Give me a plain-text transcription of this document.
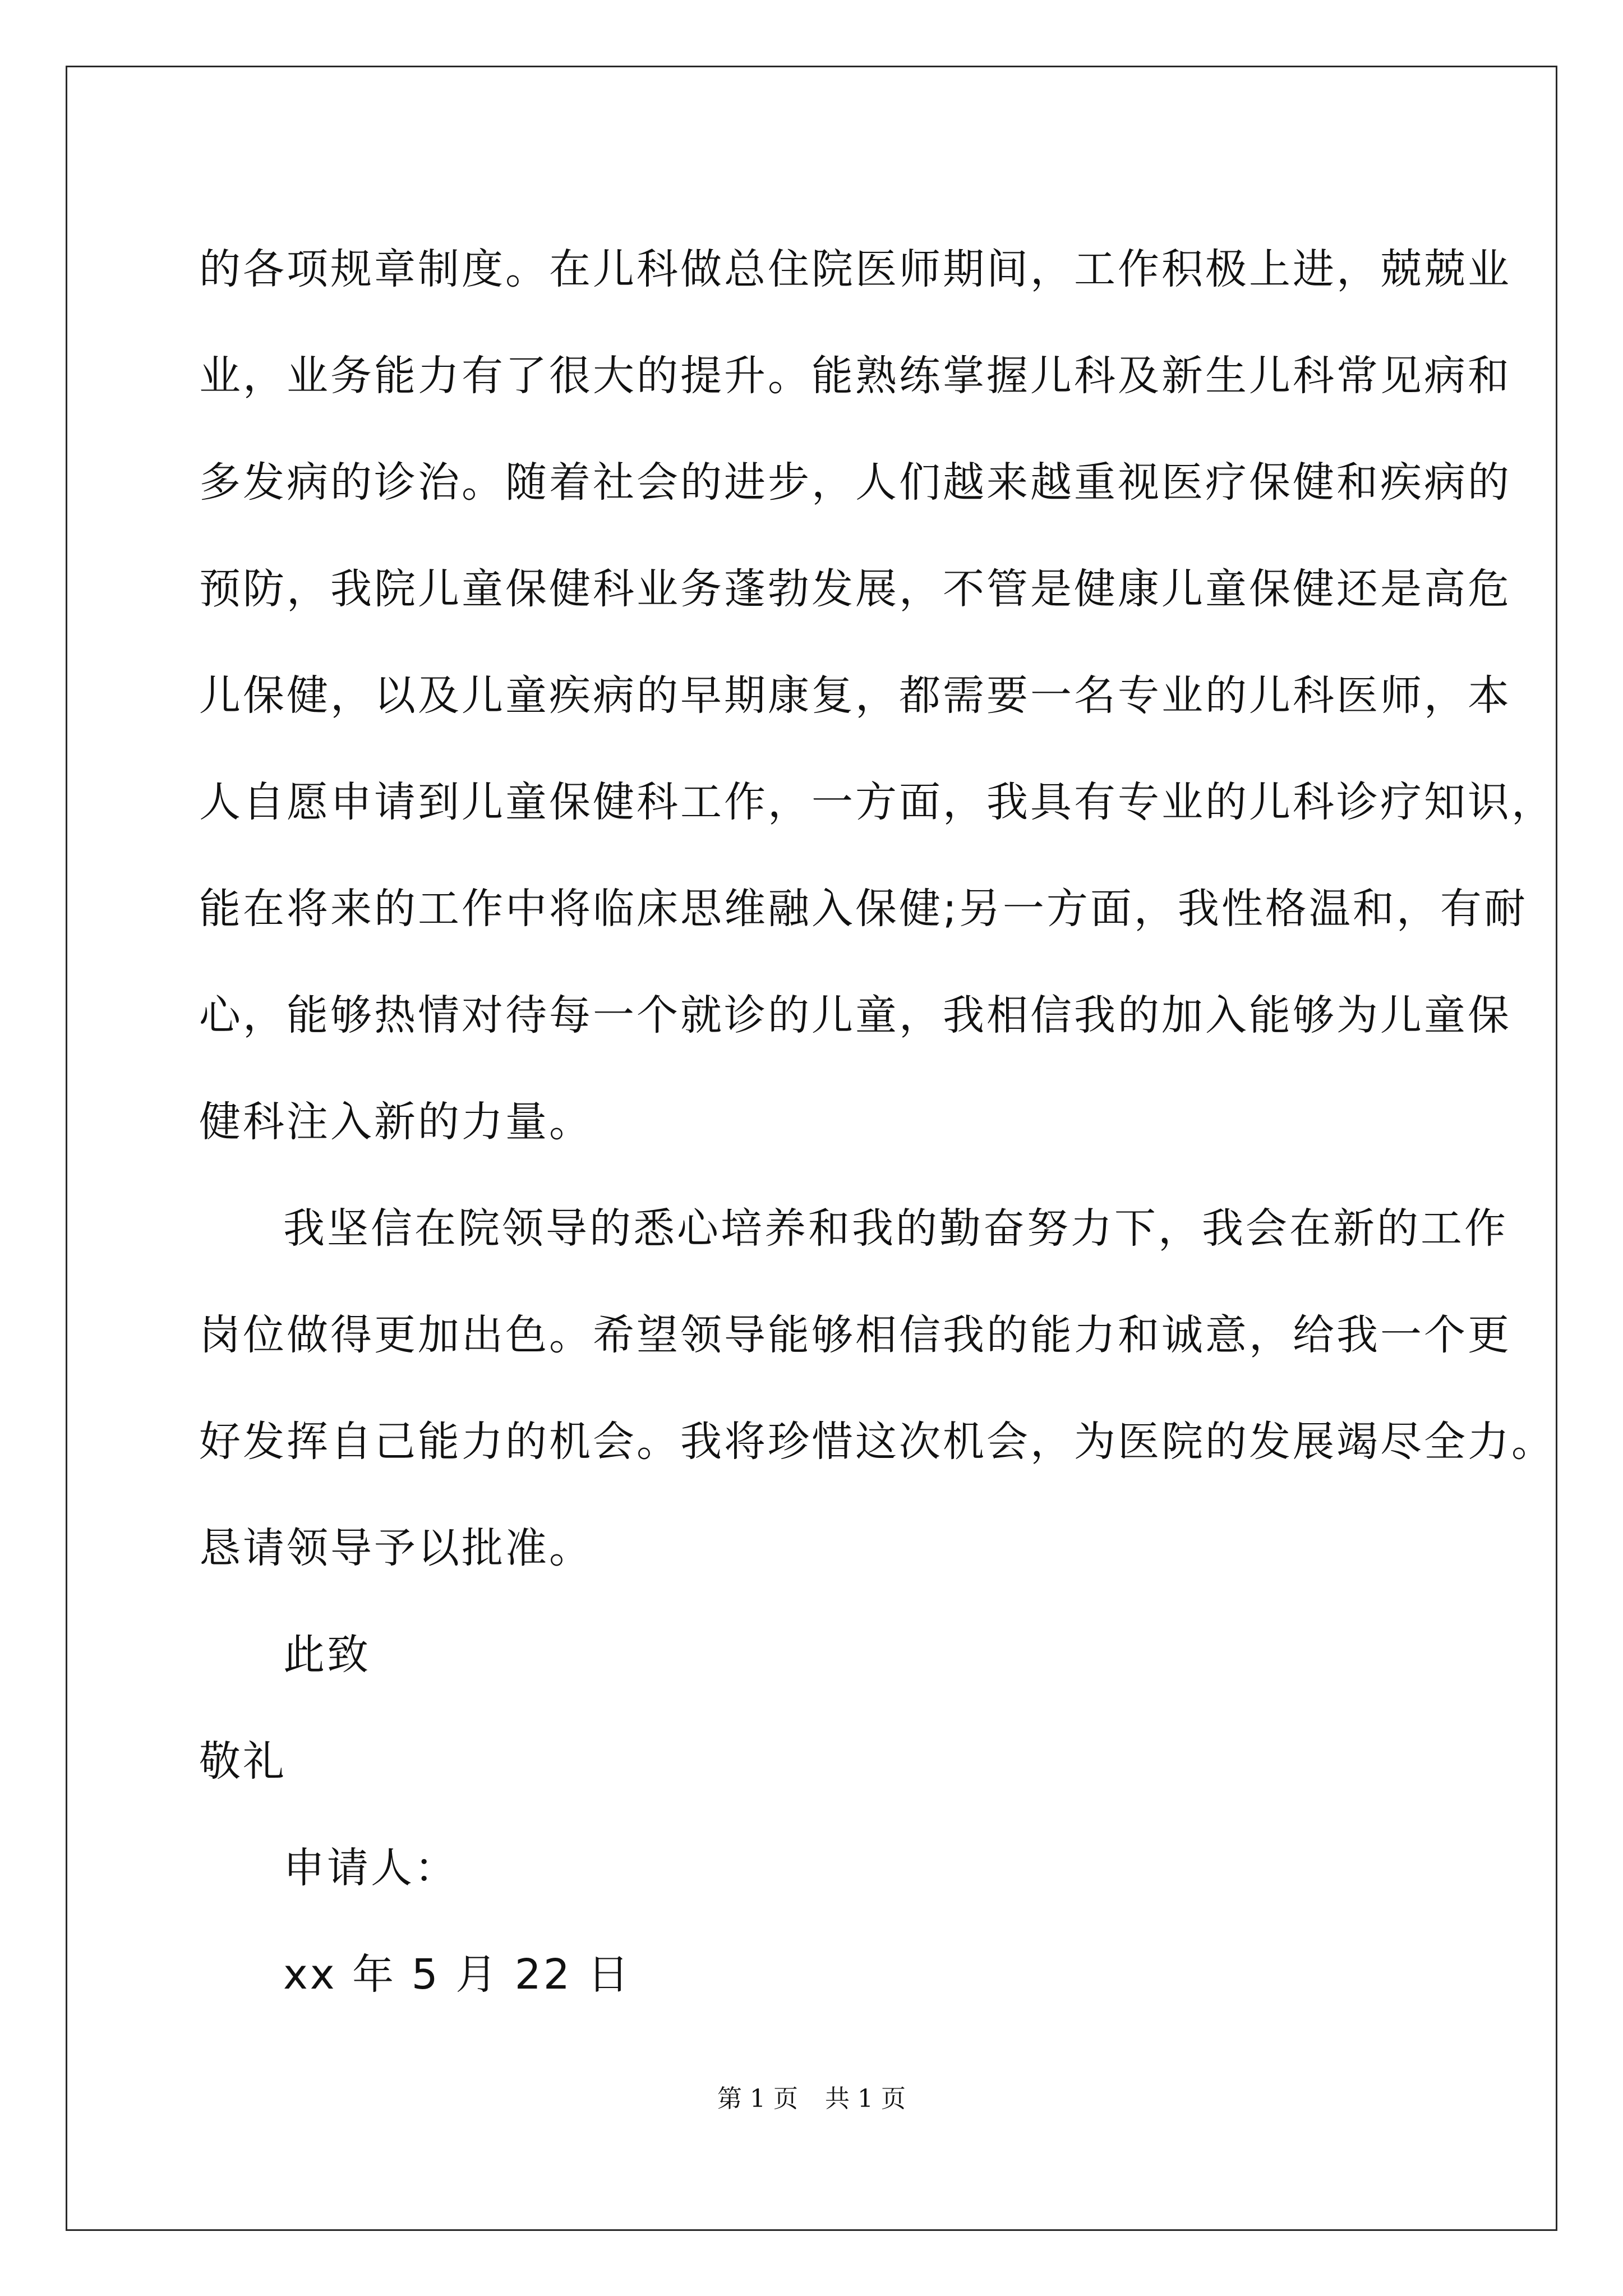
的各项规章制度。在儿科做总住院医师期间，工作积极上进，兢兢业
业，业务能力有了很大的提升。能熟练掌握儿科及新生儿科常见病和
多发病的诊治。随着社会的进步，人们越来越重视医疗保健和疾病的
预防，我院儿童保健科业务蓬勃发展，不管是健康儿童保健还是高危
儿保健，以及儿童疾病的早期康复，都需要一名专业的儿科医师，本
人自愿申请到儿童保健科工作，一方面，我具有专业的儿科诊疗知识，
能在将来的工作中将临床思维融入保健;另一方面，我性格温和，有耐
心，能够热情对待每一个就诊的儿童，我相信我的加入能够为儿童保
健科注入新的力量。
我坚信在院领导的悉心培养和我的勤奋努力下，我会在新的工作
岗位做得更加出色。希望领导能够相信我的能力和诚意，给我一个更
好发挥自己能力的机会。我将珍惜这次机会，为医院的发展竭尽全力。
恳请领导予以批准。
此致
敬礼
申请人：
xx 年 5 月 22 日
第 1 页 共 1 页
